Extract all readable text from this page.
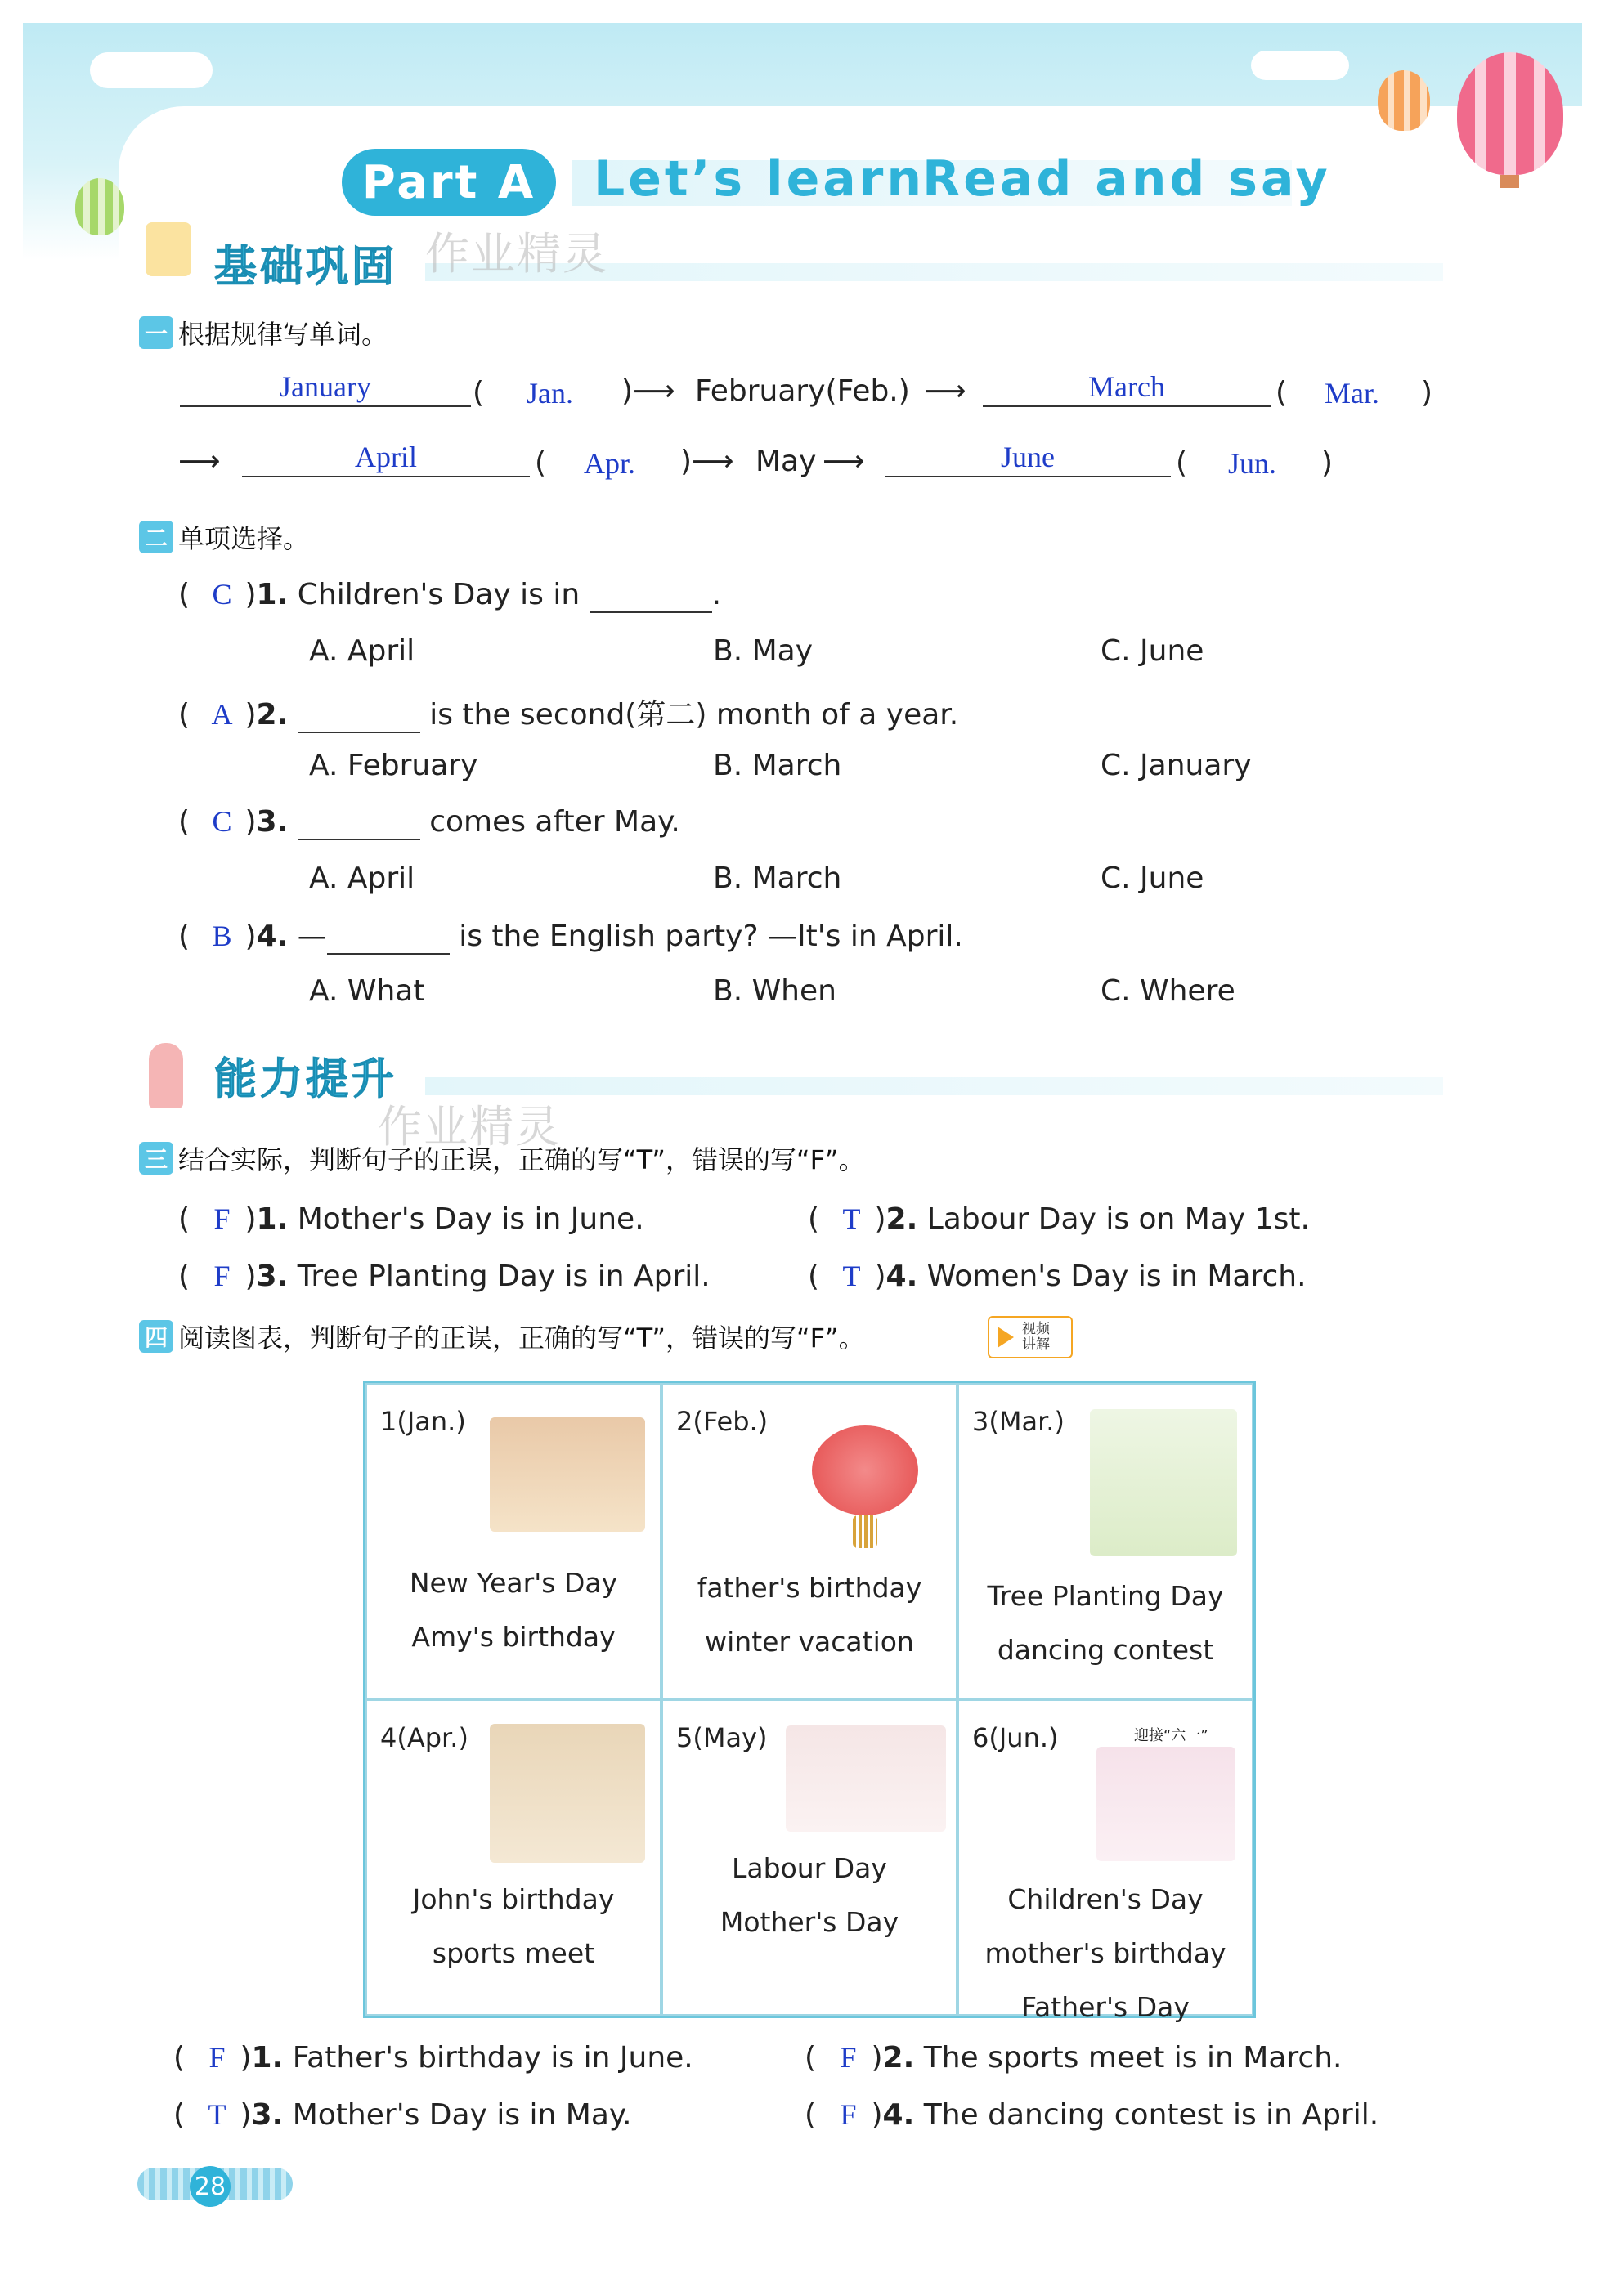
Part A	Let’s learn
Read and say
基础巩固 作业精灵
一 根据规律写单词。
January	( Jan. )⟶ February(Feb.) ⟶	March	( Mar. )
⟶	April	( Apr. )⟶ May ⟶	June	( Jun. )
二 单项选择。
( C )1. Children's Day is in	.
A. April	B. May	C. June
( A )2.	is the second(第二) month of a year.
A. February	B. March	C. January
( C )3.	comes after May.
A. April	B. March	C. June
( B )4. —	is the English party? —It's in April.
A. What	B. When	C. Where
能力提升
作业精灵
三 结合实际，判断句子的正误，正确的写“T”，错误的写“F”。
( F )1. Mother's Day is in June.	( T )2. Labour Day is on May 1st.
( F )3. Tree Planting Day is in April.	( T )4. Women's Day is in March.
四 阅读图表，判断句子的正误，正确的写“T”，错误的写“F”。	视频
讲解
1(Jan.)
New Year's Day
Amy's birthday
2(Feb.)
father's birthday
winter vacation
3(Mar.)
Tree Planting Day
dancing contest
4(Apr.)
John's birthday
sports meet
5(May)
Labour Day
Mother's Day
6(Jun.)	迎接“六一”
Children's Day
mother's birthday
Father's Day
( F )1. Father's birthday is in June.	( F )2. The sports meet is in March.
( T )3. Mother's Day is in May.	( F )4. The dancing contest is in April.
28
